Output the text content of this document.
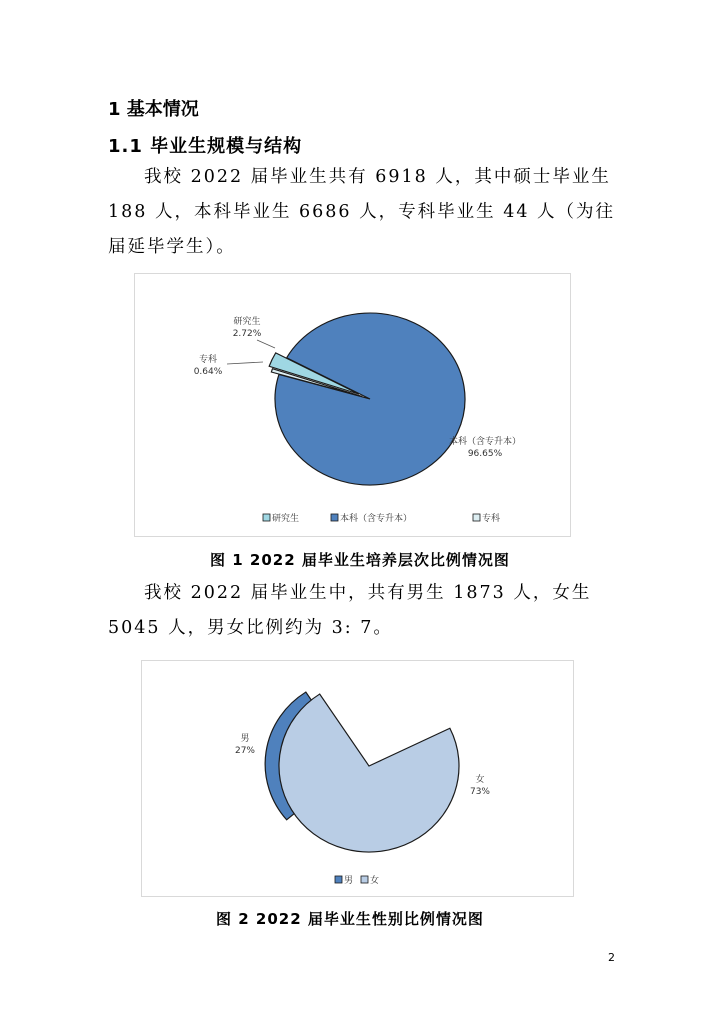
1 基本情况
1.1 毕业生规模与结构
我校 2022 届毕业生共有 6918 人，其中硕士毕业生 188 人，本科毕业生 6686 人，专科毕业生 44 人（为往届延毕学生）。
研究生
2.72%
研究生
本科（含专升本）
96.65%
本科（含专升本）
专科
0.64%
专科
图 1 2022 届毕业生培养层次比例情况图
我校 2022 届毕业生中，共有男生 1873 人，女生 5045 人，男女比例约为 3: 7。
男
27%
男
女
73%
女
图 2 2022 届毕业生性别比例情况图
2
